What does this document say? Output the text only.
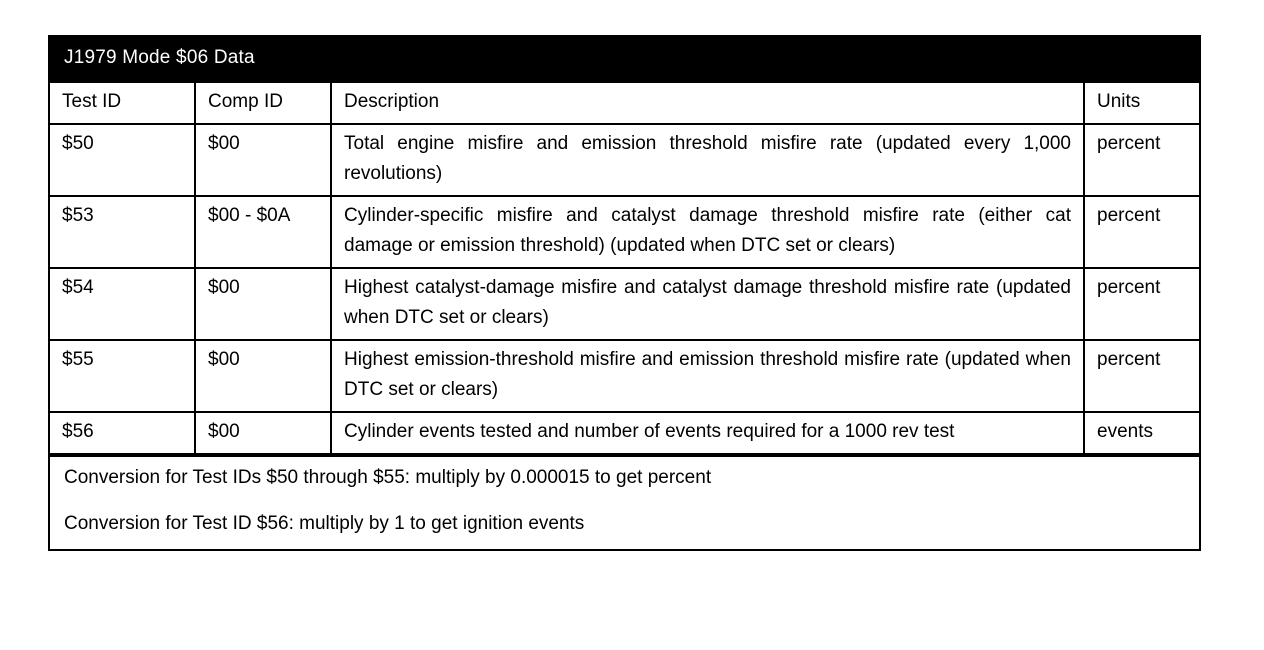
J1979 Mode $06 Data
Test ID	Comp ID	Description	Units
$50	$00	Total engine misfire and emission threshold misfire rate (updated every 1,000 revolutions)	percent
$53	$00 - $0A	Cylinder-specific misfire and catalyst damage threshold misfire rate (either cat damage or emission threshold) (updated when DTC set or clears)	percent
$54	$00	Highest catalyst-damage misfire and catalyst damage threshold misfire rate (updated when DTC set or clears)	percent
$55	$00	Highest emission-threshold misfire and emission threshold misfire rate (updated when DTC set or clears)	percent
$56	$00	Cylinder events tested and number of events required for a 1000 rev test	events

Conversion for Test IDs $50 through $55: multiply by 0.000015 to get percent

Conversion for Test ID $56: multiply by 1 to get ignition events
